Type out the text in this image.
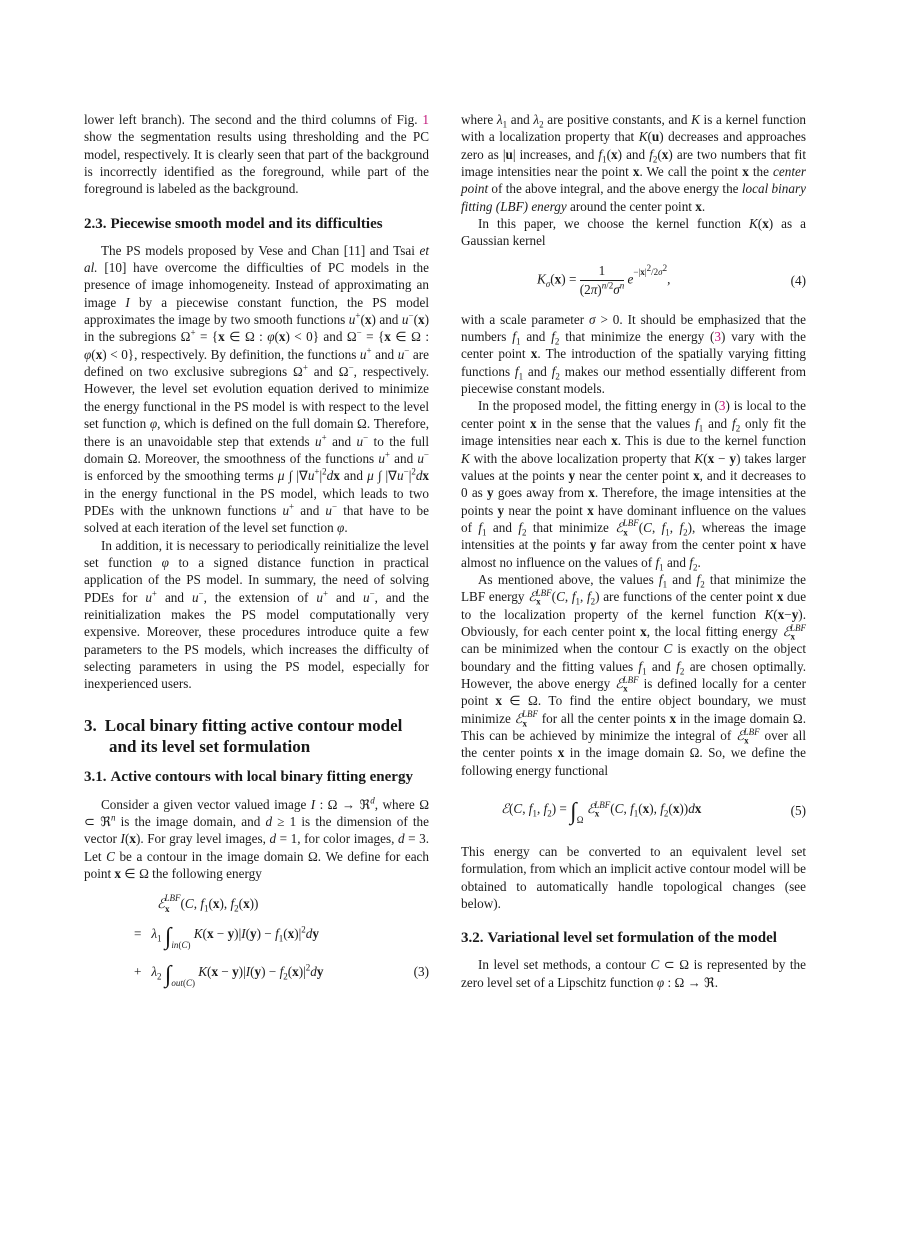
lower left branch). The second and the third columns of Fig. 1 show the segmentation results using thresholding and the PC model, respectively. It is clearly seen that part of the background is incorrectly identified as the foreground, while part of the foreground is labeled as the background.

2.3. Piecewise smooth model and its difficulties

The PS models proposed by Vese and Chan [11] and Tsai et al. [10] have overcome the difficulties of PC models in the presence of image inhomogeneity. Instead of approximating an image I by a piecewise constant function, the PS model approximates the image by two smooth functions u+(x) and u−(x) in the subregions Ω+ = {x ∈ Ω : φ(x) < 0} and Ω− = {x ∈ Ω : φ(x) < 0}, respectively. By definition, the functions u+ and u− are defined on two exclusive subregions Ω+ and Ω−, respectively. However, the level set evolution equation derived to minimize the energy functional in the PS model is with respect to the level set function φ, which is defined on the full domain Ω. Therefore, there is an unavoidable step that extends u+ and u− to the full domain Ω. Moreover, the smoothness of the functions u+ and u− is enforced by the smoothing terms μ ∫ $|\nabla u^+|^2dx$ and μ ∫ $|\nabla u^-|^2dx$ in the energy functional in the PS model, which leads to two PDEs with the unknown functions u+ and u− that have to be solved at each iteration of the level set function φ.

In addition, it is necessary to periodically reinitialize the level set function φ to a signed distance function in practical application of the PS model. In summary, the need of solving PDEs for u+ and u−, the extension of u+ and u−, and the reinitialization makes the PS model computationally very expensive. Moreover, these procedures introduce quite a few parameters to the PS models, which increases the difficulty of selecting parameters in using the PS model, especially for inexperienced users.

3. Local binary fitting active contour model
and its level set formulation
3.1. Active contours with local binary fitting energy

Consider a given vector valued image I : Ω → ℜ$^d$, where Ω ⊂ ℜ$^n$ is the image domain, and d ≥ 1 is the dimension of the vector I(x). For gray level images, d = 1, for color images, d = 3. Let C be a contour in the image domain Ω. We define for each point x ∈ Ω the following energy

ℰ$_x^{LBF}$(C, $f_1(x)$, $f_2(x)$)
=   $\lambda_1$ $\int_{in(C)}$ $K(x - y)|I(y) - f_1(x)|^2dy$
+   $\lambda_2$ $\int_{out(C)}$ $K(x - y)|I(y) - f_2(x)|^2dy$	(3)

where $\lambda_1$ and $\lambda_2$ are positive constants, and K is a kernel function with a localization property that K(u) decreases and approaches zero as |u| increases, and $f_1(x)$ and $f_2(x)$ are two numbers that fit image intensities near the point x. We call the point x the center point of the above integral, and the above energy the local binary fitting (LBF) energy around the center point x.

In this paper, we choose the kernel function K(x) as a Gaussian kernel

$K_\sigma(x) = \frac{1}{(2\pi)^{n/2}\sigma^n} e^{-|x|^2/2\sigma^2}$,	(4)

with a scale parameter σ > 0. It should be emphasized that the numbers $f_1$ and $f_2$ that minimize the energy (3) vary with the center point x. The introduction of the spatially varying fitting functions $f_1$ and $f_2$ makes our method essentially different from piecewise constant models.

In the proposed model, the fitting energy in (3) is local to the center point x in the sense that the values $f_1$ and $f_2$ only fit the image intensities near each x. This is due to the kernel function K with the above localization property that K(x − y) takes larger values at the points y near the center point x, and it decreases to 0 as y goes away from x. Therefore, the image intensities at the points y near the point x have dominant influence on the values of $f_1$ and $f_2$ that minimize ℰ$_x^{LBF}$(C, $f_1$, $f_2$), whereas the image intensities at the points y far away from the center point x have almost no influence on the values of $f_1$ and $f_2$.

As mentioned above, the values $f_1$ and $f_2$ that minimize the LBF energy ℰ$_x^{LBF}$(C, $f_1$, $f_2$) are functions of the center point x due to the localization property of the kernel function K(x−y). Obviously, for each center point x, the local fitting energy ℰ$_x^{LBF}$ can be minimized when the contour C is exactly on the object boundary and the fitting values $f_1$ and $f_2$ are chosen optimally. However, the above energy ℰ$_x^{LBF}$ is defined locally for a center point x ∈ Ω. To find the entire object boundary, we must minimize ℰ$_x^{LBF}$ for all the center points x in the image domain Ω. This can be achieved by minimize the integral of ℰ$_x^{LBF}$ over all the center points x in the image domain Ω. So, we define the following energy functional

ℰ(C, $f_1$, $f_2) = \int_\Omega$ ℰ$_x^{LBF}$(C, $f_1(x)$, $f_2(x))dx$	(5)

This energy can be converted to an equivalent level set formulation, from which an implicit active contour model will be obtained to automatically handle topological changes (see below).

3.2. Variational level set formulation of the model

In level set methods, a contour C ⊂ Ω is represented by the zero level set of a Lipschitz function φ : Ω → ℜ.
